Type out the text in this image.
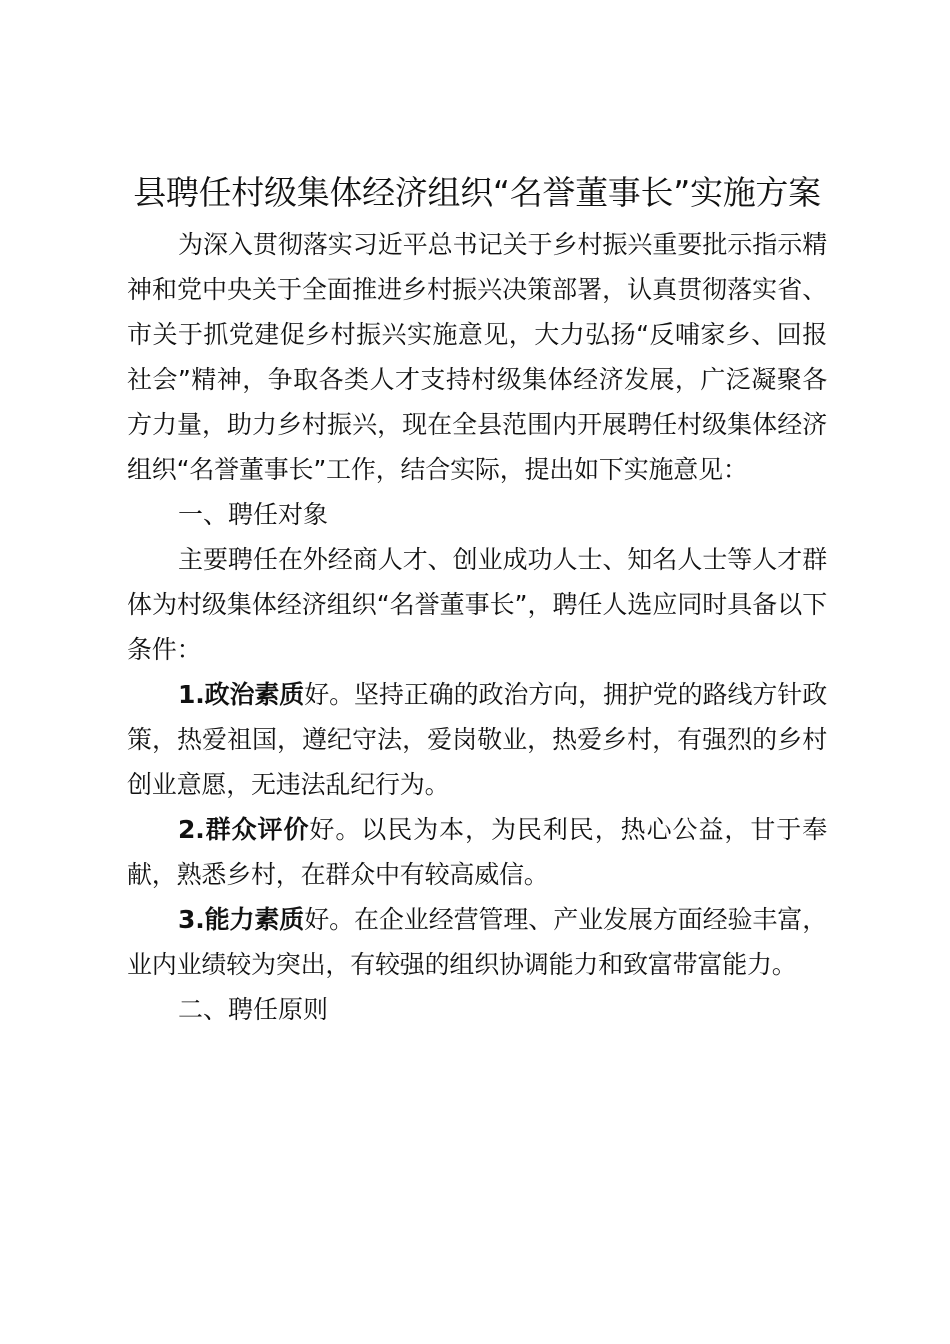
县聘任村级集体经济组织“名誉董事长”实施方案

为深入贯彻落实习近平总书记关于乡村振兴重要批示指示精神和党中央关于全面推进乡村振兴决策部署，认真贯彻落实省、市关于抓党建促乡村振兴实施意见，大力弘扬“反哺家乡、回报社会”精神，争取各类人才支持村级集体经济发展，广泛凝聚各方力量，助力乡村振兴，现在全县范围内开展聘任村级集体经济组织“名誉董事长”工作，结合实际，提出如下实施意见：

一、聘任对象

主要聘任在外经商人才、创业成功人士、知名人士等人才群体为村级集体经济组织“名誉董事长”，聘任人选应同时具备以下条件：

1.政治素质好。坚持正确的政治方向，拥护党的路线方针政策，热爱祖国，遵纪守法，爱岗敬业，热爱乡村，有强烈的乡村创业意愿，无违法乱纪行为。

2.群众评价好。以民为本，为民利民，热心公益，甘于奉献，熟悉乡村，在群众中有较高威信。

3.能力素质好。在企业经营管理、产业发展方面经验丰富，业内业绩较为突出，有较强的组织协调能力和致富带富能力。

二、聘任原则
